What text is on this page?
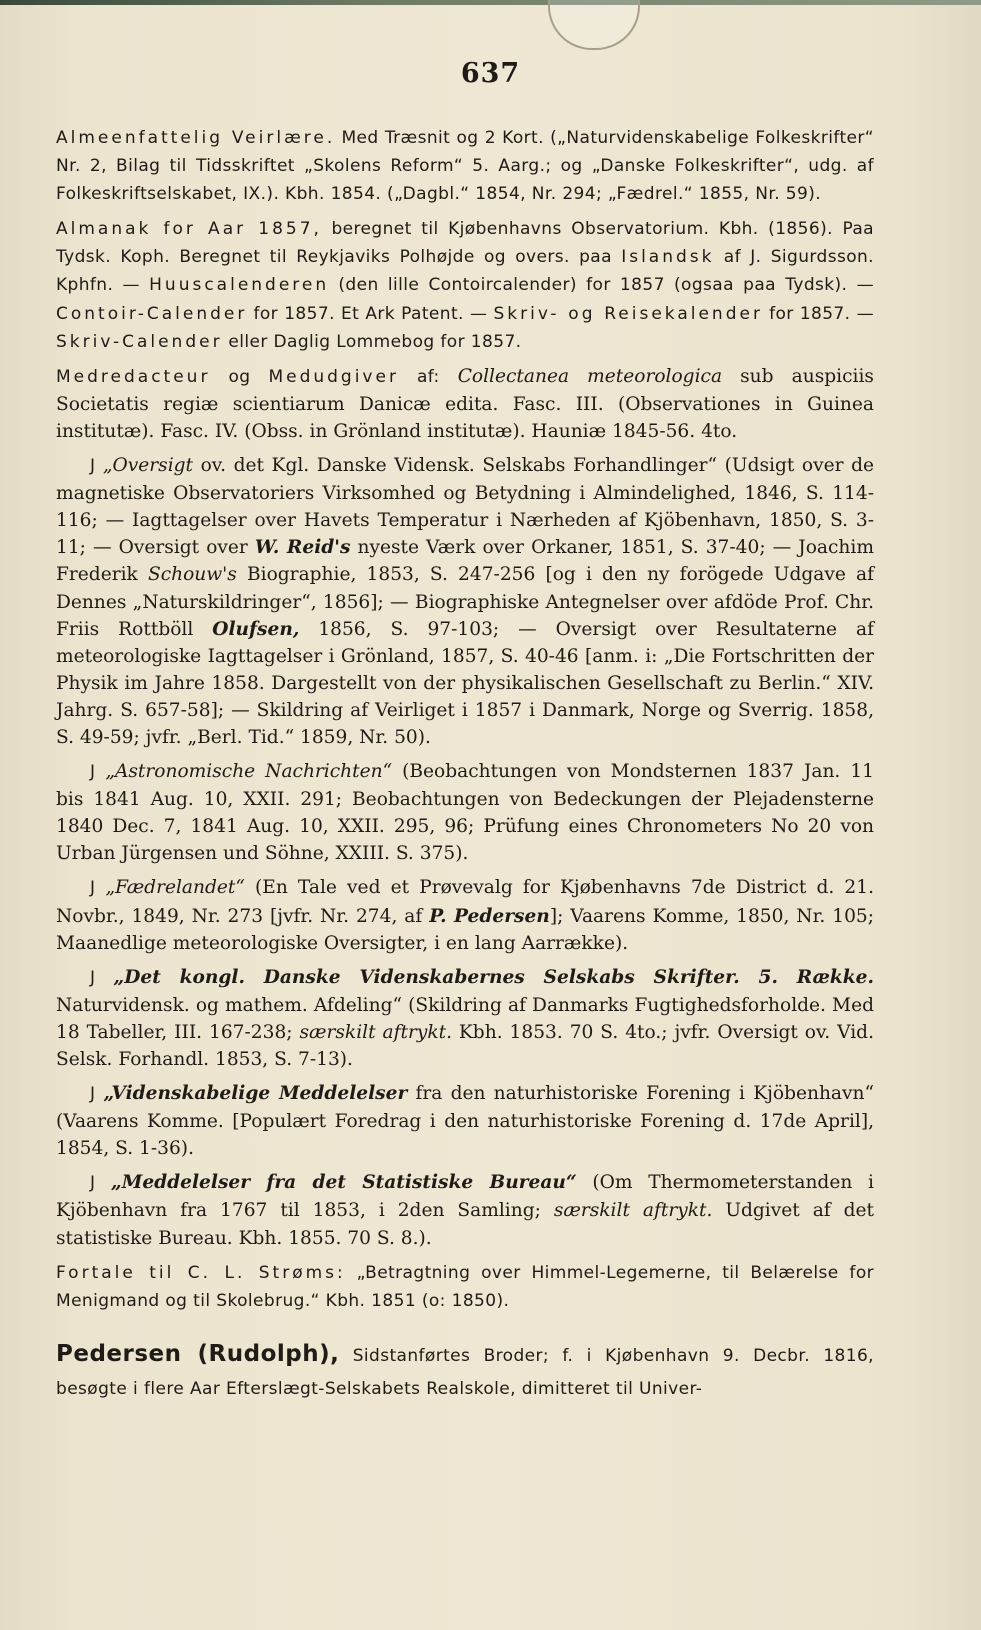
637

Almeenfattelig Veirlære. Med Træsnit og 2 Kort. („Naturvidenskabelige Folkeskrifter“ Nr. 2, Bilag til Tidsskriftet „Skolens Reform“ 5. Aarg.; og „Danske Folkeskrifter“, udg. af Folkeskriftselskabet, IX.). Kbh. 1854. („Dagbl.“ 1854, Nr. 294; „Fædrel.“ 1855, Nr. 59).

Almanak for Aar 1857, beregnet til Kjøbenhavns Observatorium. Kbh. (1856). Paa Tydsk. Koph. Beregnet til Reykjaviks Polhøjde og overs. paa Islandsk af J. Sigurdsson. Kphfn. — Huuscalenderen (den lille Contoircalender) for 1857 (ogsaa paa Tydsk). — Contoir-Calender for 1857. Et Ark Patent. — Skriv- og Reisekalender for 1857. — Skriv-Calender eller Daglig Lommebog for 1857.

Medredacteur og Medudgiver af: Collectanea meteorologica sub auspiciis Societatis regiæ scientiarum Danicæ edita. Fasc. III. (Observationes in Guinea institutæ). Fasc. IV. (Obss. in Grönland institutæ). Hauniæ 1845-56. 4to.

J „Oversigt ov. det Kgl. Danske Vidensk. Selskabs Forhandlinger“ (Udsigt over de magnetiske Observatoriers Virksomhed og Betydning i Almindelighed, 1846, S. 114-116; — Iagttagelser over Havets Temperatur i Nærheden af Kjöbenhavn, 1850, S. 3-11; — Oversigt over W. Reid's nyeste Værk over Orkaner, 1851, S. 37-40; — Joachim Frederik Schouw's Biographie, 1853, S. 247-256 [og i den ny forögede Udgave af Dennes „Naturskildringer“, 1856]; — Biographiske Antegnelser over afdöde Prof. Chr. Friis Rottböll Olufsen, 1856, S. 97-103; — Oversigt over Resultaterne af meteorologiske Iagttagelser i Grönland, 1857, S. 40-46 [anm. i: „Die Fortschritten der Physik im Jahre 1858. Dargestellt von der physikalischen Gesellschaft zu Berlin.“ XIV. Jahrg. S. 657-58]; — Skildring af Veirliget i 1857 i Danmark, Norge og Sverrig. 1858, S. 49-59; jvfr. „Berl. Tid.“ 1859, Nr. 50).

J „Astronomische Nachrichten“ (Beobachtungen von Mondsternen 1837 Jan. 11 bis 1841 Aug. 10, XXII. 291; Beobachtungen von Bedeckungen der Plejadensterne 1840 Dec. 7, 1841 Aug. 10, XXII. 295, 96; Prüfung eines Chronometers No 20 von Urban Jürgensen und Söhne, XXIII. S. 375).

J „Fædrelandet“ (En Tale ved et Prøvevalg for Kjøbenhavns 7de District d. 21. Novbr., 1849, Nr. 273 [jvfr. Nr. 274, af P. Pedersen]; Vaarens Komme, 1850, Nr. 105; Maanedlige meteorologiske Oversigter, i en lang Aarrække).

J „Det kongl. Danske Videnskabernes Selskabs Skrifter. 5. Række. Naturvidensk. og mathem. Afdeling“ (Skildring af Danmarks Fugtighedsforholde. Med 18 Tabeller, III. 167-238; særskilt aftrykt. Kbh. 1853. 70 S. 4to.; jvfr. Oversigt ov. Vid. Selsk. Forhandl. 1853, S. 7-13).

J „Videnskabelige Meddelelser fra den naturhistoriske Forening i Kjöbenhavn“ (Vaarens Komme. [Populært Foredrag i den naturhistoriske Forening d. 17de April], 1854, S. 1-36).

J „Meddelelser fra det Statistiske Bureau“ (Om Thermometerstanden i Kjöbenhavn fra 1767 til 1853, i 2den Samling; særskilt aftrykt. Udgivet af det statistiske Bureau. Kbh. 1855. 70 S. 8.).

Fortale til C. L. Strøms: „Betragtning over Himmel-Legemerne, til Belærelse for Menigmand og til Skolebrug.“ Kbh. 1851 (o: 1850).

Pedersen (Rudolph), Sidstanførtes Broder; f. i Kjøbenhavn 9. Decbr. 1816, besøgte i flere Aar Efterslægt-Selskabets Realskole, dimitteret til Univer-
